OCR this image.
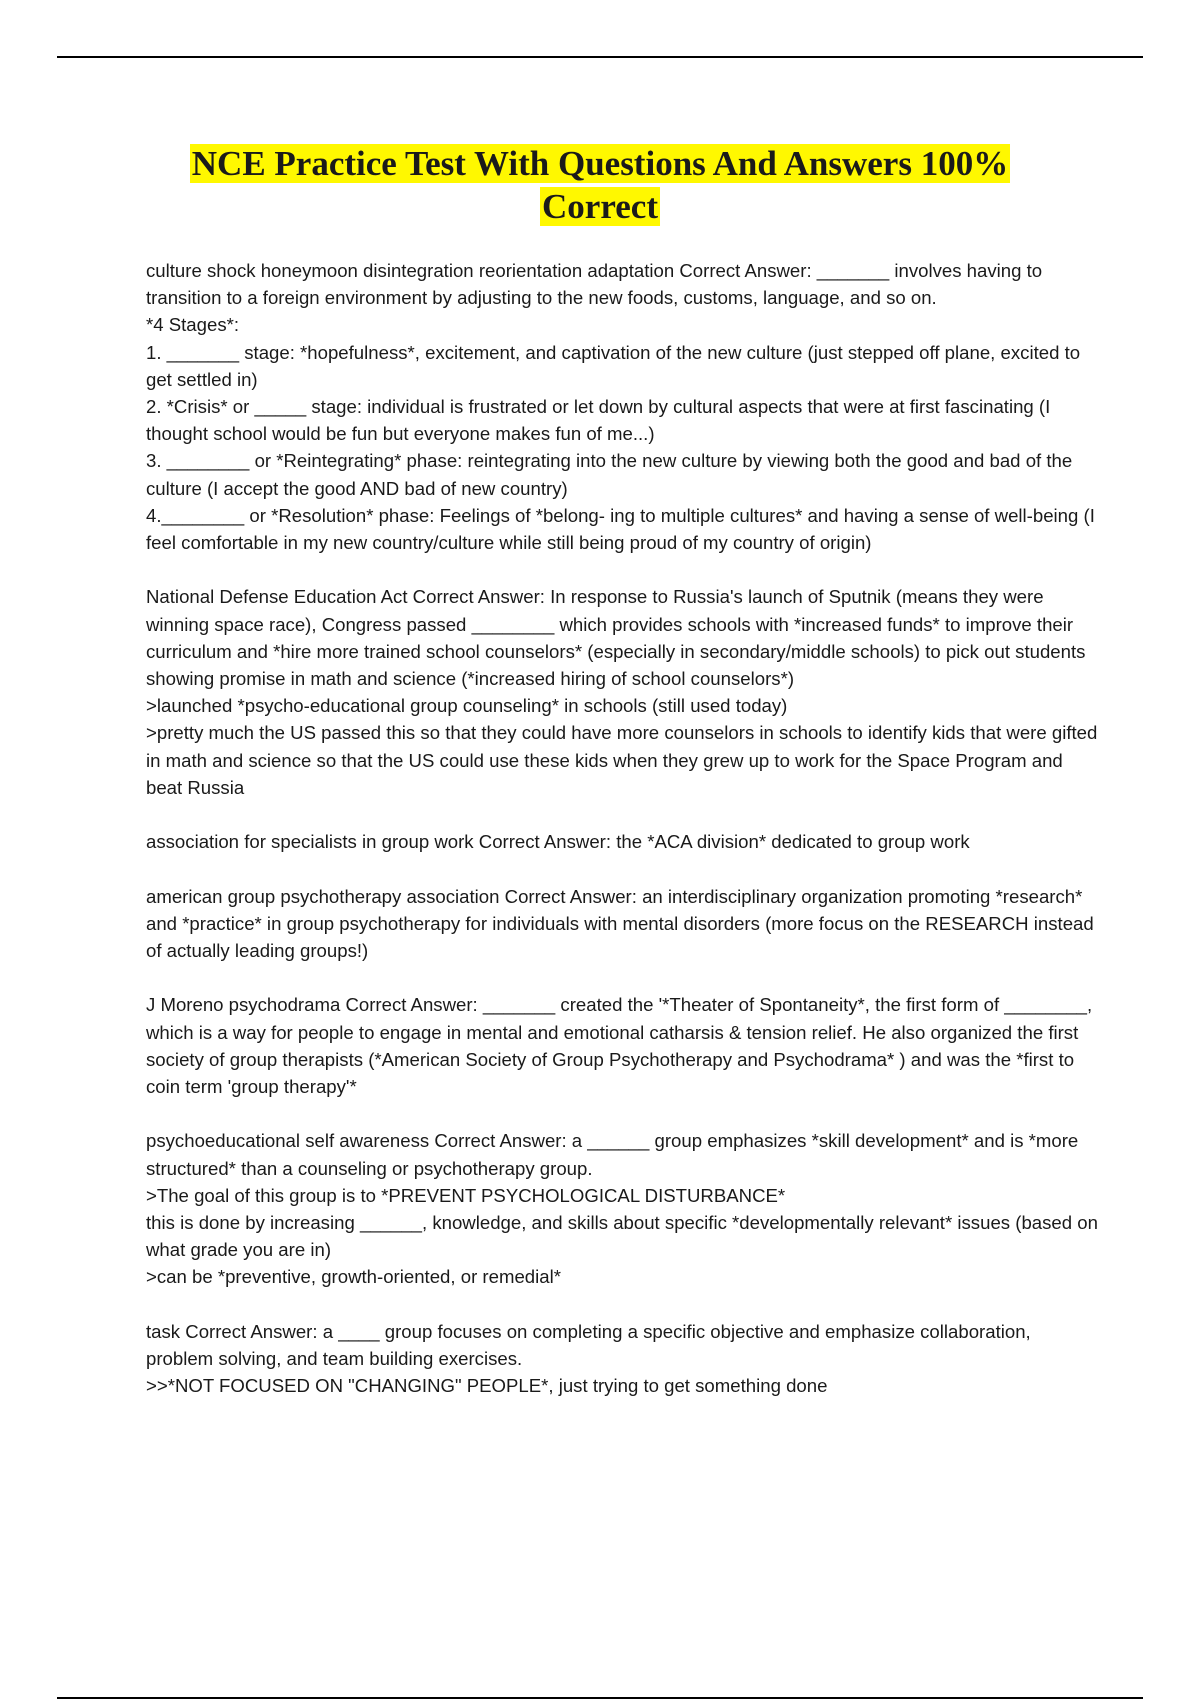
NCE Practice Test With Questions And Answers 100%
Correct
culture shock honeymoon disintegration reorientation adaptation Correct Answer: _______ involves having to transition to a foreign environment by adjusting to the new foods, customs, language, and so on.
*4 Stages*:
1. _______ stage: *hopefulness*, excitement, and captivation of the new culture (just stepped off plane, excited to get settled in)
2. *Crisis* or _____ stage: individual is frustrated or let down by cultural aspects that were at first fascinating (I thought school would be fun but everyone makes fun of me...)
3. ________ or *Reintegrating* phase: reintegrating into the new culture by viewing both the good and bad of the culture (I accept the good AND bad of new country)
4.________ or *Resolution* phase: Feelings of *belong- ing to multiple cultures* and having a sense of well-being (I feel comfortable in my new country/culture while still being proud of my country of origin)
National Defense Education Act Correct Answer: In response to Russia's launch of Sputnik (means they were winning space race), Congress passed ________ which provides schools with *increased funds* to improve their curriculum and *hire more trained school counselors* (especially in secondary/middle schools) to pick out students showing promise in math and science (*increased hiring of school counselors*)
>launched *psycho-educational group counseling* in schools (still used today)
>pretty much the US passed this so that they could have more counselors in schools to identify kids that were gifted in math and science so that the US could use these kids when they grew up to work for the Space Program and beat Russia
association for specialists in group work Correct Answer: the *ACA division* dedicated to group work
american group psychotherapy association Correct Answer: an interdisciplinary organization promoting *research* and *practice* in group psychotherapy for individuals with mental disorders (more focus on the RESEARCH instead of actually leading groups!)
J Moreno psychodrama Correct Answer: _______ created the '*Theater of Spontaneity*, the first form of ________, which is a way for people to engage in mental and emotional catharsis & tension relief. He also organized the first society of group therapists (*American Society of Group Psychotherapy and Psychodrama* ) and was the *first to coin term 'group therapy'*
psychoeducational self awareness Correct Answer: a ______ group emphasizes *skill development* and is *more structured* than a counseling or psychotherapy group.
>The goal of this group is to *PREVENT PSYCHOLOGICAL DISTURBANCE*
this is done by increasing ______, knowledge, and skills about specific *developmentally relevant* issues (based on what grade you are in)
>can be *preventive, growth-oriented, or remedial*
task Correct Answer: a ____ group focuses on completing a specific objective and emphasize collaboration, problem solving, and team building exercises.
>>*NOT FOCUSED ON "CHANGING" PEOPLE*, just trying to get something done
